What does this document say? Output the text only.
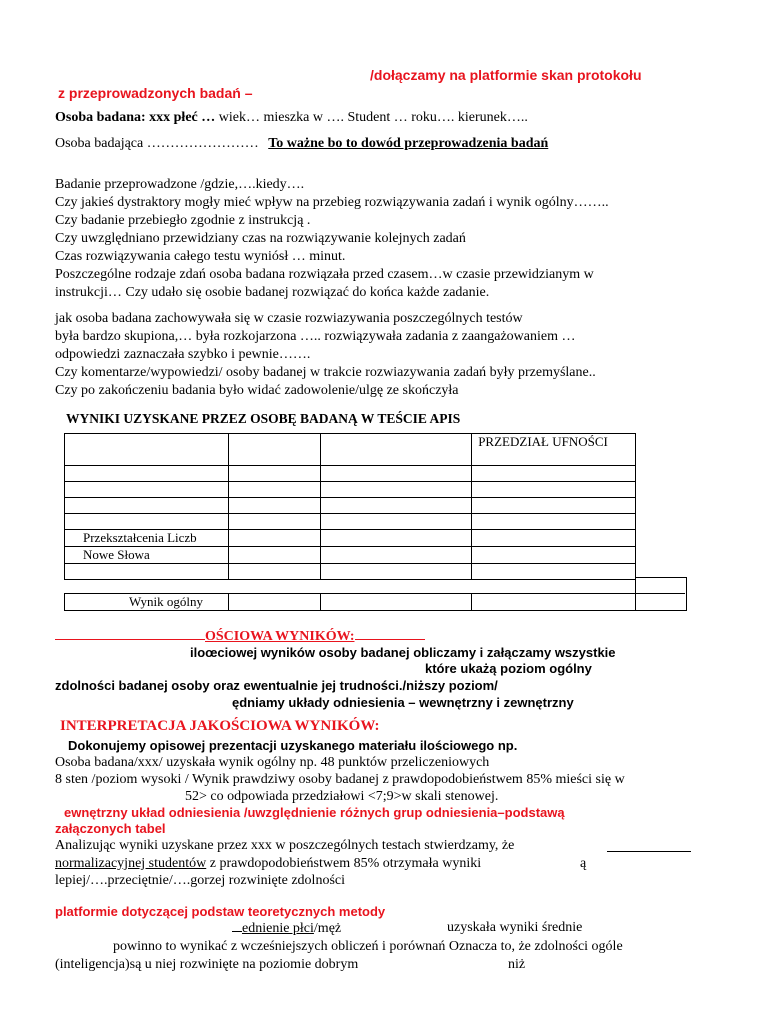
/dołączamy na platformie skan protokołu
z przeprowadzonych badań –
Osoba badana: xxx płeć … wiek… mieszka w …. Student … roku…. kierunek…..
Osoba badająca …………………… To ważne bo to dowód przeprowadzenia badań
Badanie przeprowadzone /gdzie,….kiedy….
Czy jakieś dystraktory mogły mieć wpływ na przebieg rozwiązywania zadań i wynik ogólny……..
Czy badanie przebiegło zgodnie z instrukcją .
Czy uwzględniano przewidziany czas na rozwiązywanie kolejnych zadań
Czas rozwiązywania całego testu wyniósł … minut.
Poszczególne rodzaje zdań osoba badana rozwiązała przed czasem…w czasie przewidzianym w
instrukcji… Czy udało się osobie badanej rozwiązać do końca każde zadanie.
jak osoba badana zachowywała się w czasie rozwiazywania poszczególnych testów
była bardzo skupiona,… była rozkojarzona ….. rozwiązywała zadania z zaangażowaniem …
odpowiedzi zaznaczała szybko i pewnie…….
Czy komentarze/wypowiedzi/ osoby badanej w trakcie rozwiazywania zadań były przemyślane..
Czy po zakończeniu badania było widać zadowolenie/ulgę ze skończyła
WYNIKI UZYSKANE PRZEZ OSOBĘ BADANĄ W TEŚCIE APIS
			PRZEDZIAŁ UFNOŚCI

Przekształcenia Liczb			
Nowe Słowa			

Wynik ogólny			
OŚCIOWA WYNIKÓW:
iloœciowej wyników osoby badanej obliczamy i załączamy wszystkie
które ukażą poziom ogólny
zdolności badanej osoby oraz ewentualnie jej trudności./niższy poziom/
ędniamy układy odniesienia – wewnętrzny i zewnętrzny
INTERPRETACJA JAKOŚCIOWA WYNIKÓW:
Dokonujemy opisowej prezentacji uzyskanego materiału ilościowego np.
Osoba badana/xxx/ uzyskała wynik ogólny np. 48 punktów przeliczeniowych
8 sten /poziom wysoki / Wynik prawdziwy osoby badanej z prawdopodobieństwem 85% mieści się w
52> co odpowiada przedziałowi <7;9>w skali stenowej.
ewnętrzny układ odniesienia /uwzględnienie różnych grup odniesienia–podstawą
załączonych tabel
Analizując wyniki uzyskane przez xxx w poszczególnych testach stwierdzamy, że
normalizacyjnej studentów z prawdopodobieństwem 85% otrzymała wyniki	ą
lepiej/….przeciętnie/….gorzej rozwinięte zdolności
platformie dotyczącej podstaw teoretycznych metody
ednienie płci/męż	uzyskała wyniki średnie
powinno to wynikać z wcześniejszych obliczeń i porównań Oznacza to, że zdolności ogóle
(inteligencja)są u niej rozwinięte na poziomie dobrym	niż
